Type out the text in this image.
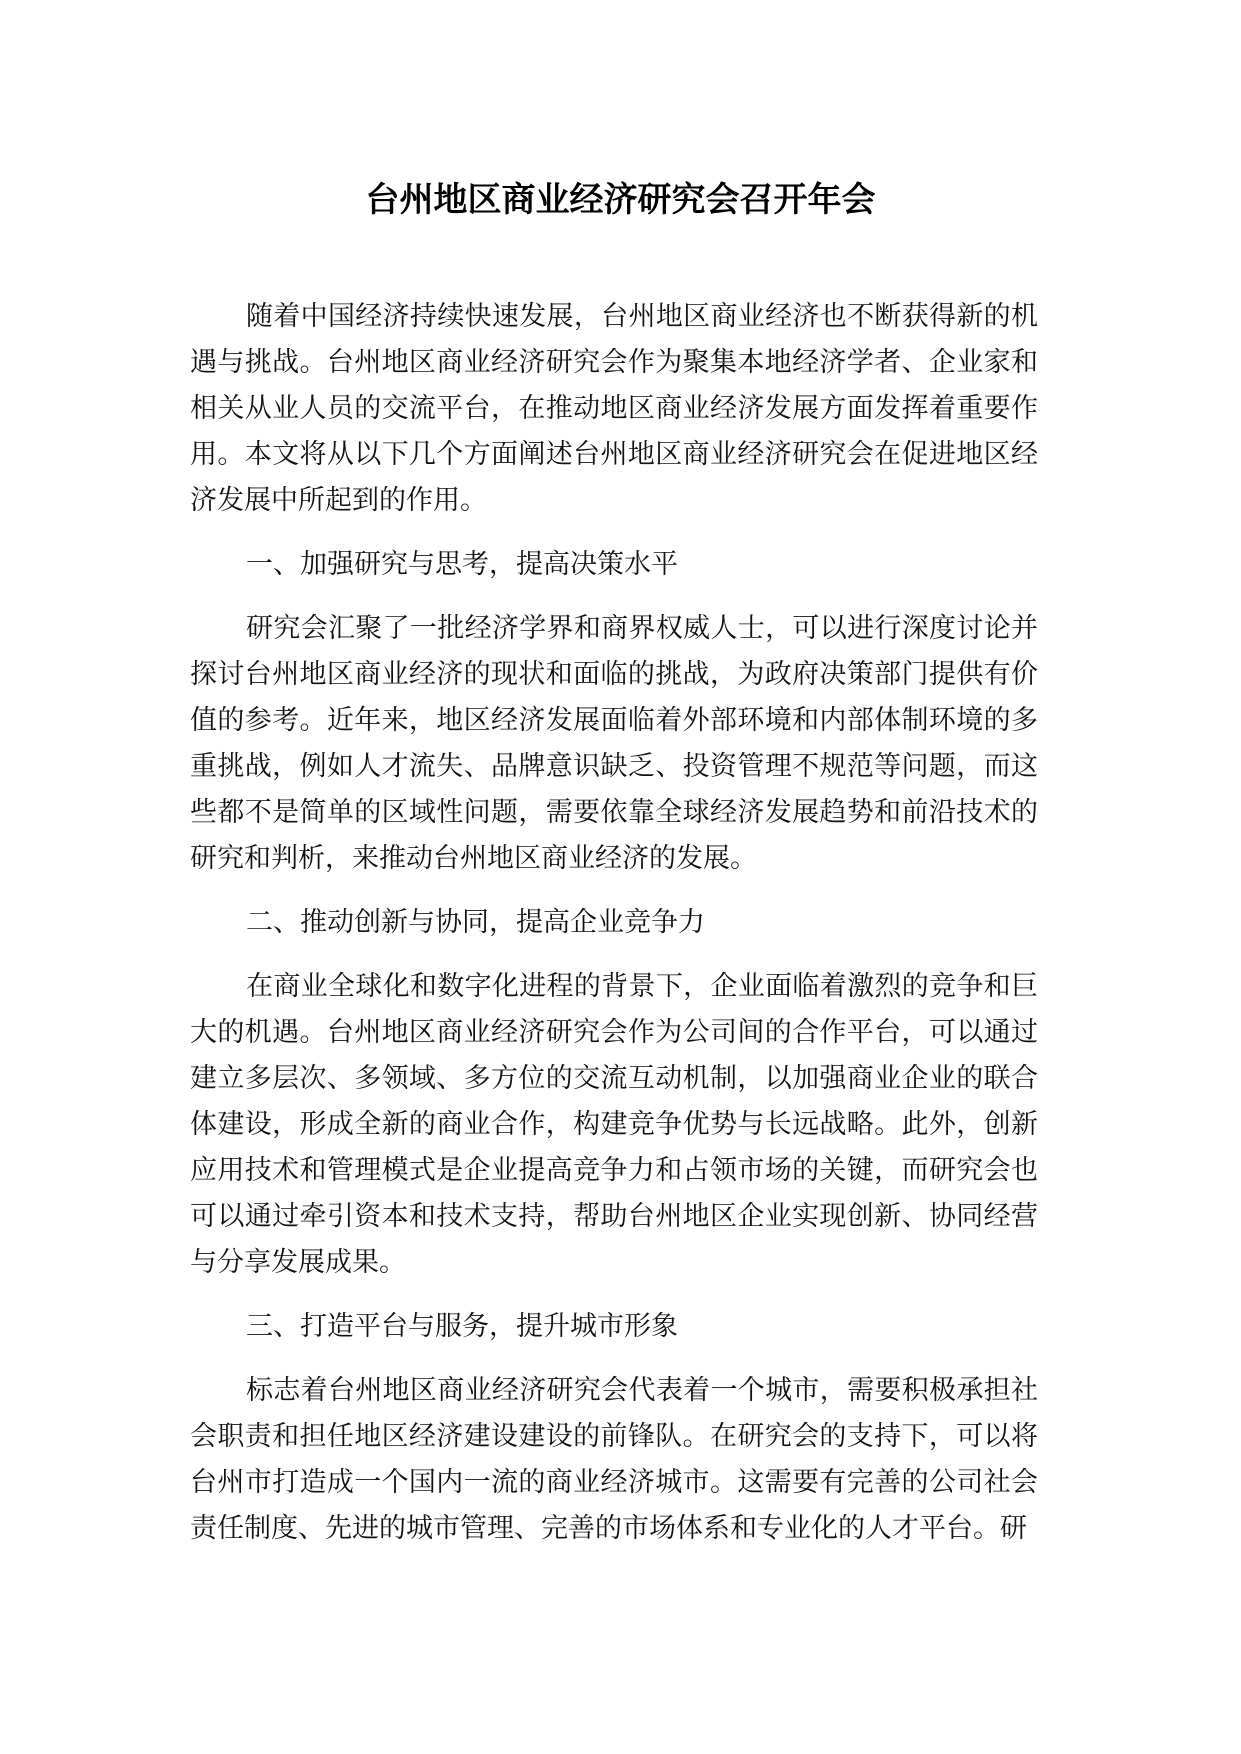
台州地区商业经济研究会召开年会

随着中国经济持续快速发展，台州地区商业经济也不断获得新的机遇与挑战。台州地区商业经济研究会作为聚集本地经济学者、企业家和相关从业人员的交流平台，在推动地区商业经济发展方面发挥着重要作用。本文将从以下几个方面阐述台州地区商业经济研究会在促进地区经济发展中所起到的作用。

一、加强研究与思考，提高决策水平

研究会汇聚了一批经济学界和商界权威人士，可以进行深度讨论并探讨台州地区商业经济的现状和面临的挑战，为政府决策部门提供有价值的参考。近年来，地区经济发展面临着外部环境和内部体制环境的多重挑战，例如人才流失、品牌意识缺乏、投资管理不规范等问题，而这些都不是简单的区域性问题，需要依靠全球经济发展趋势和前沿技术的研究和判析，来推动台州地区商业经济的发展。

二、推动创新与协同，提高企业竞争力

在商业全球化和数字化进程的背景下，企业面临着激烈的竞争和巨大的机遇。台州地区商业经济研究会作为公司间的合作平台，可以通过建立多层次、多领域、多方位的交流互动机制，以加强商业企业的联合体建设，形成全新的商业合作，构建竞争优势与长远战略。此外，创新应用技术和管理模式是企业提高竞争力和占领市场的关键，而研究会也可以通过牵引资本和技术支持，帮助台州地区企业实现创新、协同经营与分享发展成果。

三、打造平台与服务，提升城市形象

标志着台州地区商业经济研究会代表着一个城市，需要积极承担社会职责和担任地区经济建设建设的前锋队。在研究会的支持下，可以将台州市打造成一个国内一流的商业经济城市。这需要有完善的公司社会责任制度、先进的城市管理、完善的市场体系和专业化的人才平台。研
